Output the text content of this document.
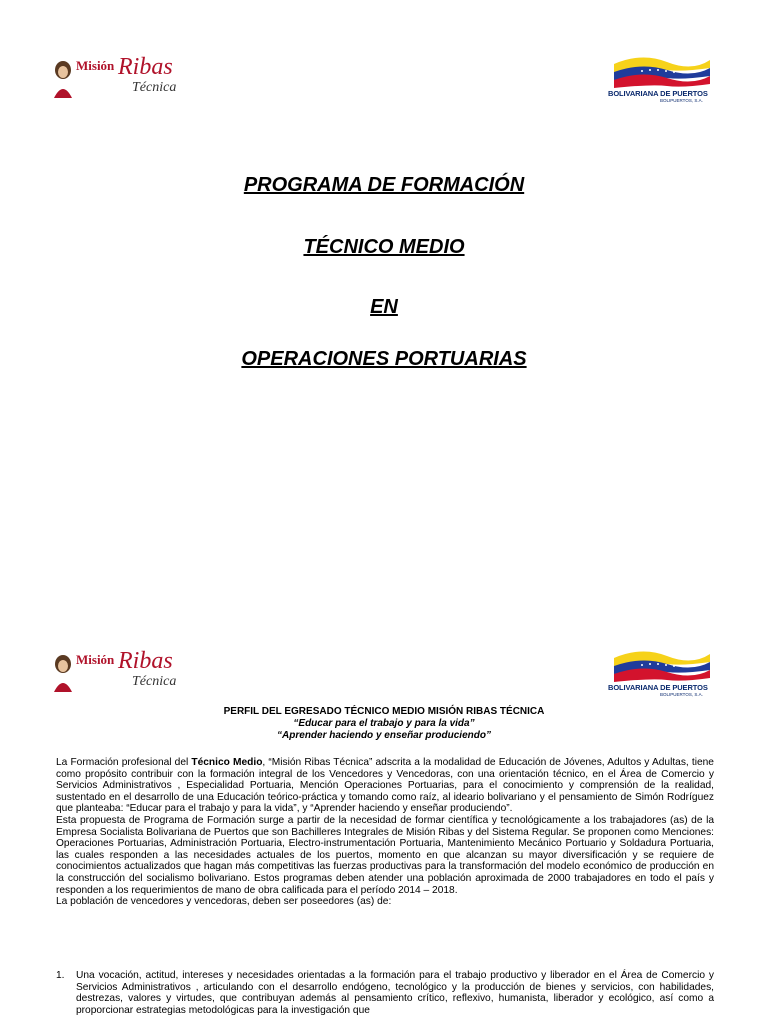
Misión Ribas
Técnica	BOLIVARIANA DE PUERTOS
BOLIPUERTOS, S.A.
PROGRAMA DE FORMACIÓN
TÉCNICO MEDIO
EN
OPERACIONES PORTUARIAS
Misión Ribas
Técnica	BOLIVARIANA DE PUERTOS
BOLIPUERTOS, S.A.
PERFIL DEL EGRESADO TÉCNICO MEDIO MISIÓN RIBAS TÉCNICA
“Educar para el trabajo y para la vida”
“Aprender haciendo y enseñar produciendo”

La Formación profesional del Técnico Medio, “Misión Ribas Técnica” adscrita a la modalidad de Educación de Jóvenes, Adultos y Adultas, tiene como propósito contribuir con la formación integral de los Vencedores y Vencedoras, con una orientación técnico, en el Área de Comercio y Servicios Administrativos , Especialidad Portuaria, Mención Operaciones Portuarias, para el conocimiento y comprensión de la realidad, sustentado en el desarrollo de una Educación teórico-práctica y tomando como raíz, al ideario bolivariano y el pensamiento de Simón Rodríguez que planteaba: “Educar para el trabajo y para la vida”, y “Aprender haciendo y enseñar produciendo”.

Esta propuesta de Programa de Formación surge a partir de la necesidad de formar científica y tecnológicamente a los trabajadores (as) de la Empresa Socialista Bolivariana de Puertos que son Bachilleres Integrales de Misión Ribas y del Sistema Regular. Se proponen como Menciones: Operaciones Portuarias, Administración Portuaria, Electro-instrumentación Portuaria, Mantenimiento Mecánico Portuario y Soldadura Portuaria, las cuales responden a las necesidades actuales de los puertos, momento en que alcanzan su mayor diversificación y se requiere de conocimientos actualizados que hagan más competitivas las fuerzas productivas para la transformación del modelo económico de producción en la construcción del socialismo bolivariano. Estos programas deben atender una población aproximada de 2000 trabajadores en todo el país y responden a los requerimientos de mano de obra calificada para el período 2014 – 2018.

La población de vencedores y vencedoras, deben ser poseedores (as) de:

1. Una vocación, actitud, intereses y necesidades orientadas a la formación para el trabajo productivo y liberador en el Área de Comercio y Servicios Administrativos , articulando con el desarrollo endógeno, tecnológico y la producción de bienes y servicios, con habilidades, destrezas, valores y virtudes, que contribuyan además al pensamiento crítico, reflexivo, humanista, liberador y ecológico, así como a proporcionar estrategias metodológicas para la investigación que
